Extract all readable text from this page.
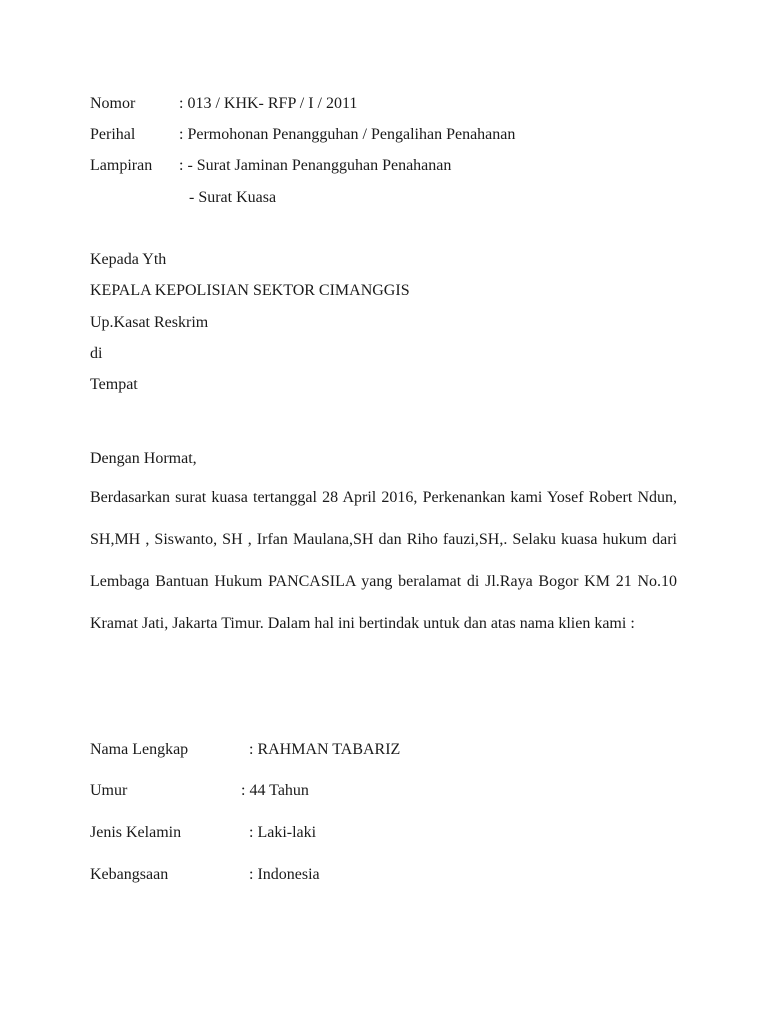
Nomor	: 013 / KHK- RFP / I / 2011
Perihal	: Permohonan Penangguhan / Pengalihan Penahanan
Lampiran : - Surat Jaminan Penangguhan Penahanan
- Surat Kuasa
Kepada Yth
KEPALA KEPOLISIAN SEKTOR CIMANGGIS
Up.Kasat Reskrim
di
Tempat
Dengan Hormat,
Berdasarkan surat kuasa tertanggal 28 April 2016, Perkenankan kami Yosef Robert Ndun, SH,MH , Siswanto, SH , Irfan Maulana,SH dan Riho fauzi,SH,. Selaku kuasa hukum dari Lembaga Bantuan Hukum PANCASILA yang beralamat di Jl.Raya Bogor KM 21 No.10 Kramat Jati, Jakarta Timur. Dalam hal ini bertindak untuk dan atas nama klien kami :
Nama Lengkap	: RAHMAN TABARIZ
Umur	: 44 Tahun
Jenis Kelamin	: Laki-laki
Kebangsaan	: Indonesia
